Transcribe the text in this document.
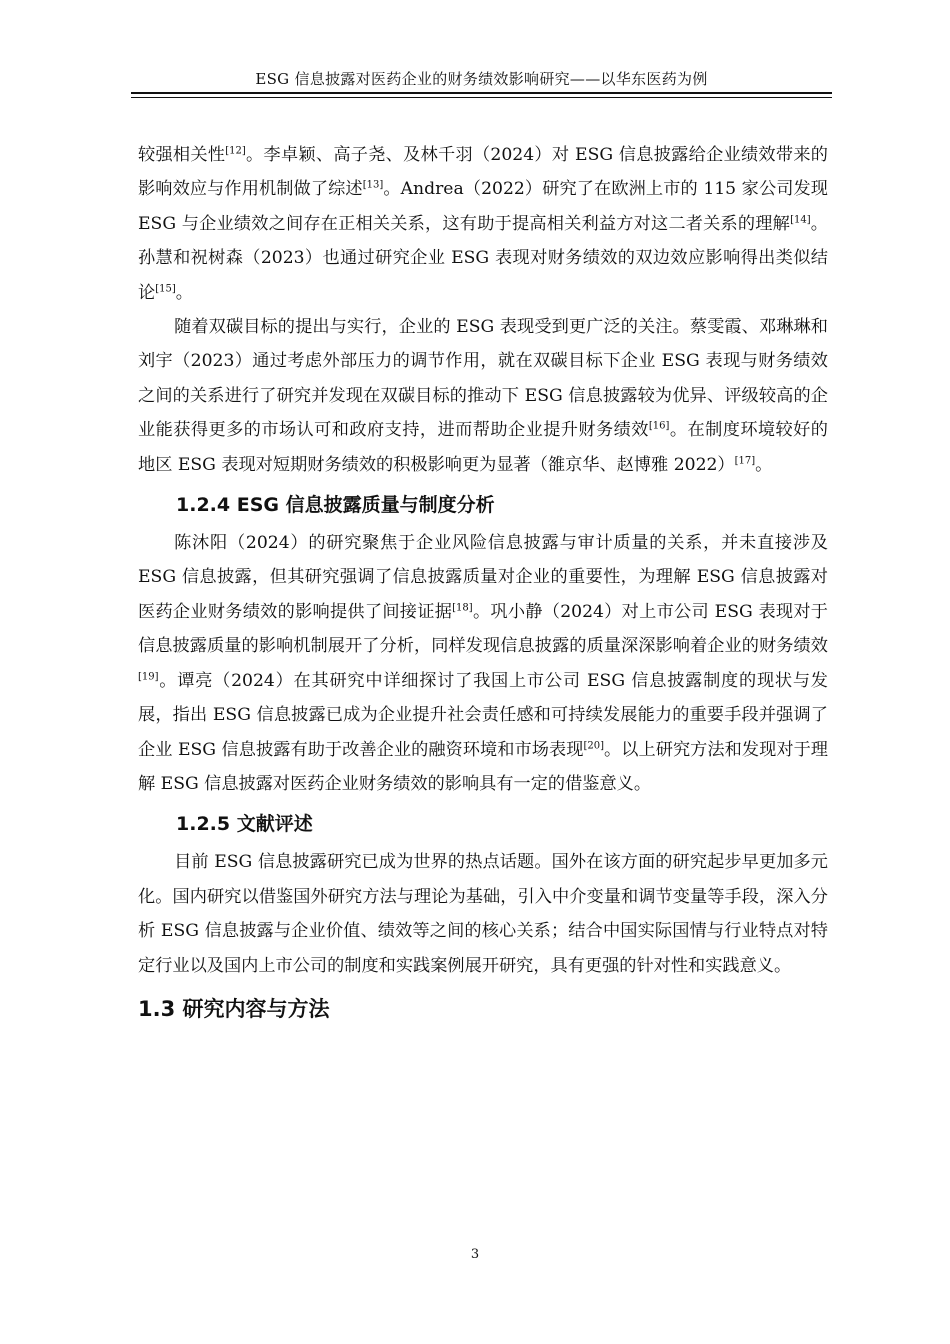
ESG 信息披露对医药企业的财务绩效影响研究——以华东医药为例

较强相关性[12]。李卓颖、高子尧、及林千羽（2024）对 ESG 信息披露给企业绩效带来的影响效应与作用机制做了综述[13]。Andrea（2022）研究了在欧洲上市的 115 家公司发现 ESG 与企业绩效之间存在正相关关系，这有助于提高相关利益方对这二者关系的理解[14]。孙慧和祝树森（2023）也通过研究企业 ESG 表现对财务绩效的双边效应影响得出类似结论[15]。

随着双碳目标的提出与实行，企业的 ESG 表现受到更广泛的关注。蔡雯霞、邓琳琳和刘宇（2023）通过考虑外部压力的调节作用，就在双碳目标下企业 ESG 表现与财务绩效之间的关系进行了研究并发现在双碳目标的推动下 ESG 信息披露较为优异、评级较高的企业能获得更多的市场认可和政府支持，进而帮助企业提升财务绩效[16]。在制度环境较好的地区 ESG 表现对短期财务绩效的积极影响更为显著（雒京华、赵博雅 2022）[17]。

1.2.4 ESG 信息披露质量与制度分析

陈沐阳（2024）的研究聚焦于企业风险信息披露与审计质量的关系，并未直接涉及 ESG 信息披露，但其研究强调了信息披露质量对企业的重要性，为理解 ESG 信息披露对医药企业财务绩效的影响提供了间接证据[18]。巩小静（2024）对上市公司 ESG 表现对于信息披露质量的影响机制展开了分析，同样发现信息披露的质量深深影响着企业的财务绩效[19]。谭亮（2024）在其研究中详细探讨了我国上市公司 ESG 信息披露制度的现状与发展，指出 ESG 信息披露已成为企业提升社会责任感和可持续发展能力的重要手段并强调了企业 ESG 信息披露有助于改善企业的融资环境和市场表现[20]。以上研究方法和发现对于理解 ESG 信息披露对医药企业财务绩效的影响具有一定的借鉴意义。

1.2.5 文献评述

目前 ESG 信息披露研究已成为世界的热点话题。国外在该方面的研究起步早更加多元化。国内研究以借鉴国外研究方法与理论为基础，引入中介变量和调节变量等手段，深入分析 ESG 信息披露与企业价值、绩效等之间的核心关系；结合中国实际国情与行业特点对特定行业以及国内上市公司的制度和实践案例展开研究，具有更强的针对性和实践意义。

1.3 研究内容与方法
3
